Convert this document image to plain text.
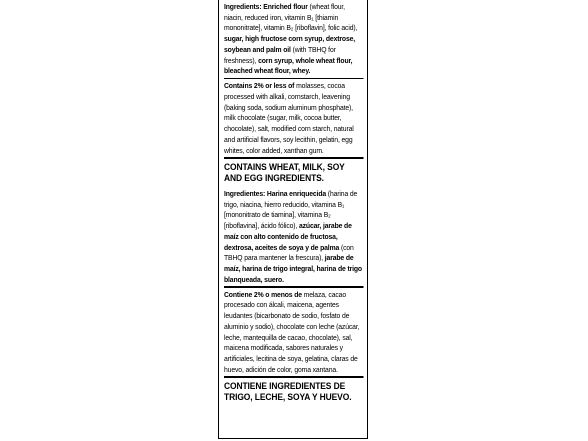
Ingredients: Enriched flour (wheat flour, niacin, reduced iron, vitamin B₁ [thiamin mononitrate], vitamin B₂ [riboflavin], folic acid), sugar, high fructose corn syrup, dextrose, soybean and palm oil (with TBHQ for freshness), corn syrup, whole wheat flour, bleached wheat flour, whey.
Contains 2% or less of molasses, cocoa processed with alkali, cornstarch, leavening (baking soda, sodium aluminum phosphate), milk chocolate (sugar, milk, cocoa butter, chocolate), salt, modified corn starch, natural and artificial flavors, soy lecithin, gelatin, egg whites, color added, xanthan gum.
CONTAINS WHEAT, MILK, SOY AND EGG INGREDIENTS.
Ingredientes: Harina enriquecida (harina de trigo, niacina, hierro reducido, vitamina B₁ [mononitrato de tiamina], vitamina B₂ [riboflavina], ácido fólico), azúcar, jarabe de maíz con alto contenido de fructosa, dextrosa, aceites de soya y de palma (con TBHQ para mantener la frescura), jarabe de maíz, harina de trigo integral, harina de trigo blanqueada, suero.
Contiene 2% o menos de melaza, cacao procesado con álcali, maicena, agentes leudantes (bicarbonato de sodio, fosfato de aluminio y sodio), chocolate con leche (azúcar, leche, mantequilla de cacao, chocolate), sal, maicena modificada, sabores naturales y artificiales, lecitina de soya, gelatina, claras de huevo, adición de color, goma xantana.
CONTIENE INGREDIENTES DE TRIGO, LECHE, SOYA Y HUEVO.
